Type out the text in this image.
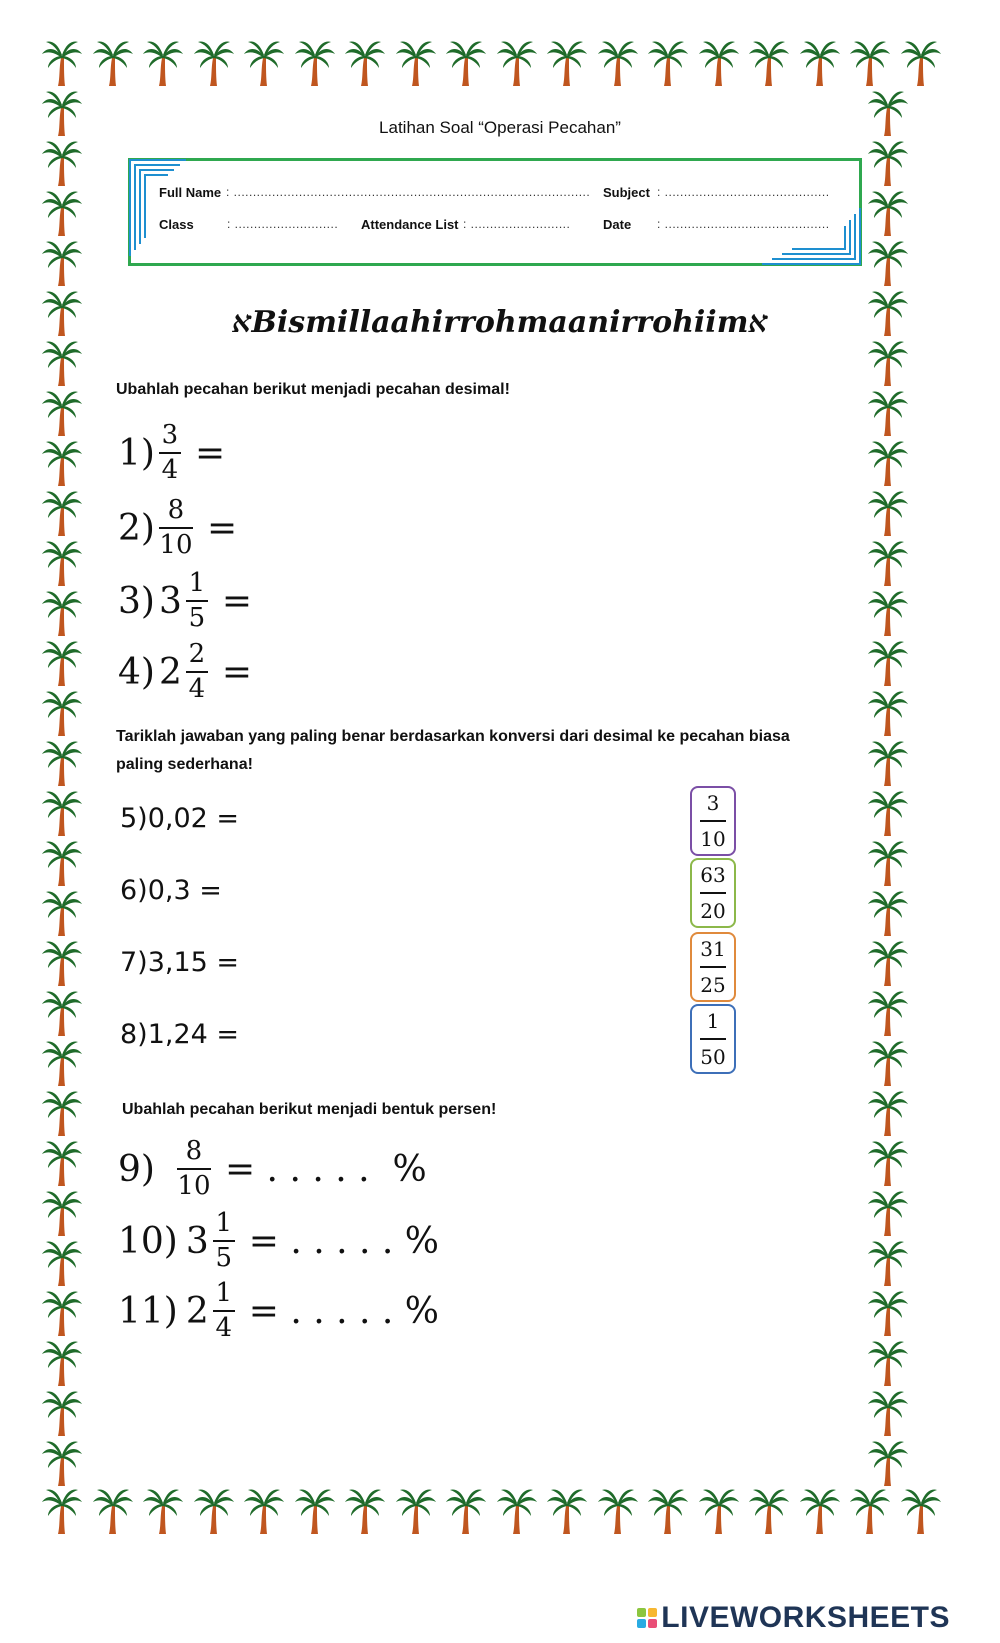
Latihan Soal “Operasi Pecahan”
Full Name : ............................................................................................. Subject : ...........................................
Class	: ........................... Attendance List : ..........................	Date : ...........................................
ﬡBismillaahirrohmaanirrohiimﬡ
Ubahlah pecahan berikut menjadi pecahan desimal!
$1) \frac{3}{4}$ =
$2) \frac{8}{10}$ =
3) $3 \frac{1}{5}$ =
4) $2 \frac{2}{4}$ =
Tariklah jawaban yang paling benar berdasarkan konversi dari desimal ke pecahan biasa
paling sederhana!
5)0,02 =
6)0,3 =
7)3,15 =
8)1,24 =
3
10
63
20
31
25
1
50
Ubahlah pecahan berikut menjadi bentuk persen!
$9) \frac{8}{10}$ = . . . . .  %
10) $3 \frac{1}{5}$ = . . . . . %
11) $2 \frac{1}{4}$ = . . . . . %
LIVEWORKSHEETS
